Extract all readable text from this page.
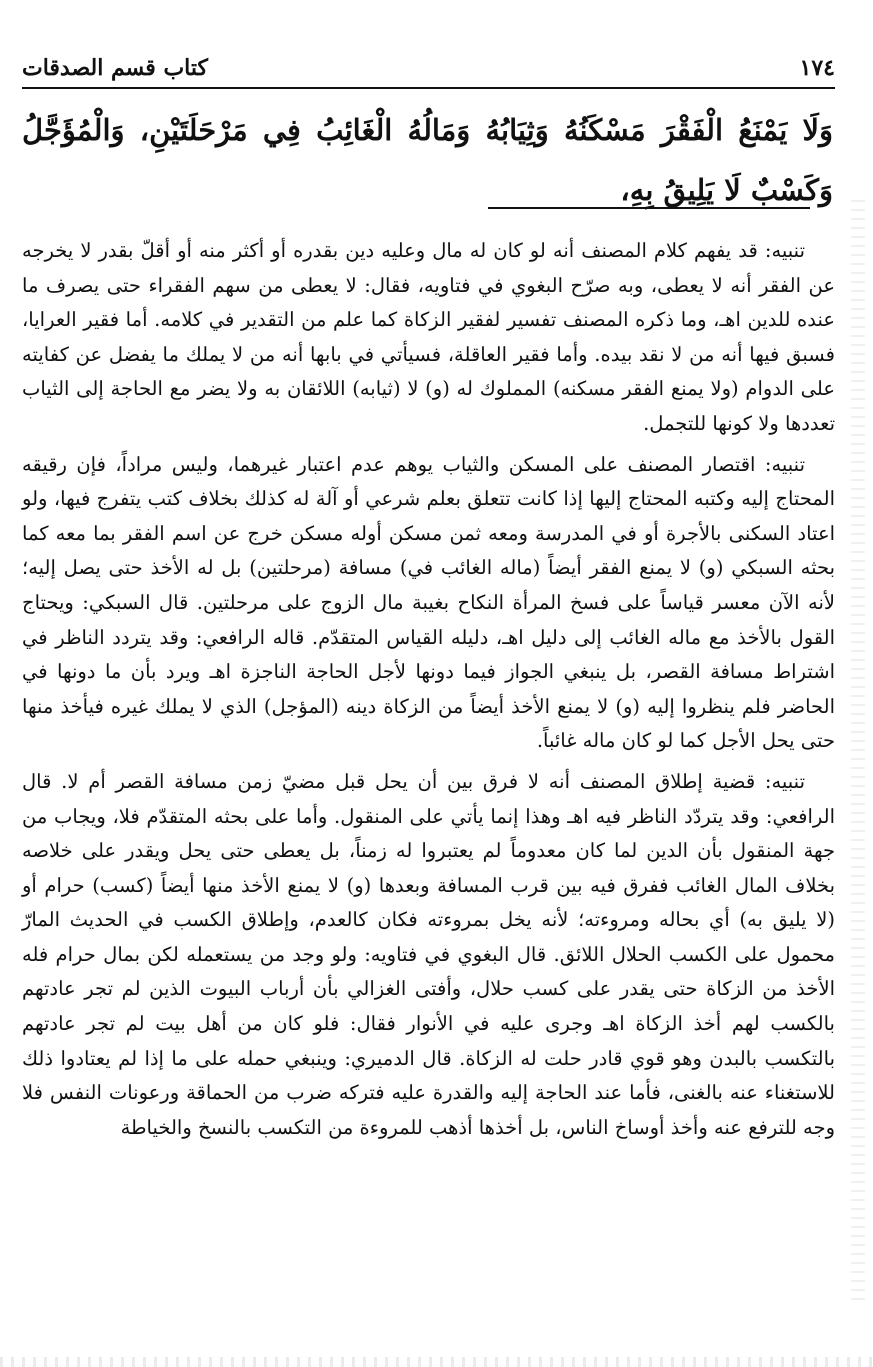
١٧٤
كتاب قسم الصدقات
وَلَا يَمْنَعُ الْفَقْرَ مَسْكَنُهُ وَثِيَابُهُ وَمَالُهُ الْغَائِبُ فِي مَرْحَلَتَيْنِ، وَالْمُؤَجَّلُ وَكَسْبٌ لَا يَلِيقُ بِهِ،

تنبيه: قد يفهم كلام المصنف أنه لو كان له مال وعليه دين بقدره أو أكثر منه أو أقلّ بقدر لا يخرجه عن الفقر أنه لا يعطى، وبه صرّح البغوي في فتاويه، فقال: لا يعطى من سهم الفقراء حتى يصرف ما عنده للدين اهـ، وما ذكره المصنف تفسير لفقير الزكاة كما علم من التقدير في كلامه. أما فقير العرايا، فسبق فيها أنه من لا نقد بيده. وأما فقير العاقلة، فسيأتي في بابها أنه من لا يملك ما يفضل عن كفايته على الدوام (ولا يمنع الفقر مسكنه) المملوك له (و) لا (ثيابه) اللائقان به ولا يضر مع الحاجة إلى الثياب تعددها ولا كونها للتجمل.

تنبيه: اقتصار المصنف على المسكن والثياب يوهم عدم اعتبار غيرهما، وليس مراداً، فإن رقيقه المحتاج إليه وكتبه المحتاج إليها إذا كانت تتعلق بعلم شرعي أو آلة له كذلك بخلاف كتب يتفرج فيها، ولو اعتاد السكنى بالأجرة أو في المدرسة ومعه ثمن مسكن أوله مسكن خرج عن اسم الفقر بما معه كما بحثه السبكي (و) لا يمنع الفقر أيضاً (ماله الغائب في) مسافة (مرحلتين) بل له الأخذ حتى يصل إليه؛ لأنه الآن معسر قياساً على فسخ المرأة النكاح بغيبة مال الزوج على مرحلتين. قال السبكي: ويحتاج القول بالأخذ مع ماله الغائب إلى دليل اهـ، دليله القياس المتقدّم. قاله الرافعي: وقد يتردد الناظر في اشتراط مسافة القصر، بل ينبغي الجواز فيما دونها لأجل الحاجة الناجزة اهـ ويرد بأن ما دونها في الحاضر فلم ينظروا إليه (و) لا يمنع الأخذ أيضاً من الزكاة دينه (المؤجل) الذي لا يملك غيره فيأخذ منها حتى يحل الأجل كما لو كان ماله غائباً.

تنبيه: قضية إطلاق المصنف أنه لا فرق بين أن يحل قبل مضيّ زمن مسافة القصر أم لا. قال الرافعي: وقد يتردّد الناظر فيه اهـ وهذا إنما يأتي على المنقول. وأما على بحثه المتقدّم فلا، ويجاب من جهة المنقول بأن الدين لما كان معدوماً لم يعتبروا له زمناً، بل يعطى حتى يحل ويقدر على خلاصه بخلاف المال الغائب ففرق فيه بين قرب المسافة وبعدها (و) لا يمنع الأخذ منها أيضاً (كسب) حرام أو (لا يليق به) أي بحاله ومروءته؛ لأنه يخل بمروءته فكان كالعدم، وإطلاق الكسب في الحديث المارّ محمول على الكسب الحلال اللائق. قال البغوي في فتاويه: ولو وجد من يستعمله لكن بمال حرام فله الأخذ من الزكاة حتى يقدر على كسب حلال، وأفتى الغزالي بأن أرباب البيوت الذين لم تجر عادتهم بالكسب لهم أخذ الزكاة اهـ وجرى عليه في الأنوار فقال: فلو كان من أهل بيت لم تجر عادتهم بالتكسب بالبدن وهو قوي قادر حلت له الزكاة. قال الدميري: وينبغي حمله على ما إذا لم يعتادوا ذلك للاستغناء عنه بالغنى، فأما عند الحاجة إليه والقدرة عليه فتركه ضرب من الحماقة ورعونات النفس فلا وجه للترفع عنه وأخذ أوساخ الناس، بل أخذها أذهب للمروءة من التكسب بالنسخ والخياطة
